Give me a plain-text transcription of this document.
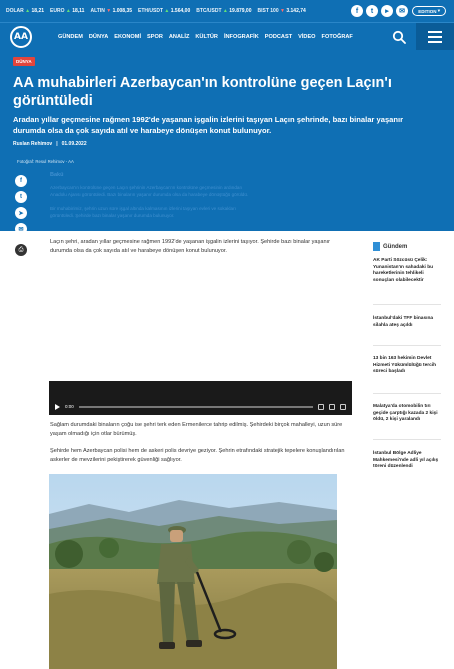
DOLAR ▲ 18,21 EURO ▲ 18,11 ALTIN ▼ 1.008,35 ETH/USDT ▲ 1.564,00 BTC/USDT ▲ 19.879,00 BIST 100 ▼ 3.142,74	f	t	▸	✉	EDITION
▾
AA	GÜNDEM DÜNYA EKONOMİ SPOR ANALİZ KÜLTÜR İNFOGRAFİK PODCAST VİDEO FOTOĞRAF
DÜNYA
AA muhabirleri Azerbaycan'ın kontrolüne geçen Laçın'ı görüntüledi

Aradan yıllar geçmesine rağmen 1992'de yaşanan işgalin izlerini taşıyan Laçın şehrinde, bazı binalar yaşanır durumda olsa da çok sayıda atıl ve harabeye dönüşen konut bulunuyor.

Ruslan Rehimov | 01.09.2022
Fotoğraf: Resul Rehimov - AA
f
t
➤
✉
Bakü
Azerbaycan'ın kontrolüne geçen Laçın şehrinin Azerbaycan'ın kontrolüne geçmesinin ardından
Anadolu Ajansı görüntüledi. Bazı binaların yaşanır durumda olsa da harabeye dönüştüğü görüldü.
Bir muhabirimiz, şehrin uzun süre işgal altında kalmasının izlerini taşıyan evleri ve sokakları
görüntüledi. Şehirde bazı binalar yaşanır durumda bulunuyor.
⎙

Laçın şehri, aradan yıllar geçmesine rağmen 1992'de yaşanan işgalin izlerini taşıyor. Şehirde bazı binalar yaşanır durumda olsa da çok sayıda atıl ve harabeye dönüşen konut bulunuyor.

0:00

Sağlam durumdaki binaların çoğu ise şehri terk eden Ermenilerce tahrip edilmiş. Şehirdeki birçok mahalleyi, uzun süre yaşam olmadığı için otlar bürümüş.

Şehirde hem Azerbaycan polisi hem de askeri polis devriye geziyor. Şehrin etrafındaki stratejik tepelere konuşlandırılan askerler de mevzilerini pekiştirerek güvenliği sağlıyor.

Gündem
AK Parti Sözcüsü Çelik: Yunanistan'ın sahadaki bu hareketlerinin tehlikeli sonuçları olabilecektir
İstanbul'daki TFF binasına silahla ateş açıldı
13 bin 163 hekimin Devlet Hizmeti Yükümlülüğü tercih süreci başladı
Malatya'da otomobilin tırı geçide çarptığı kazada 2 kişi öldü, 2 kişi yaralandı
İstanbul Bölge Adliye Mahkemesi'nde adli yıl açılış töreni düzenlendi
